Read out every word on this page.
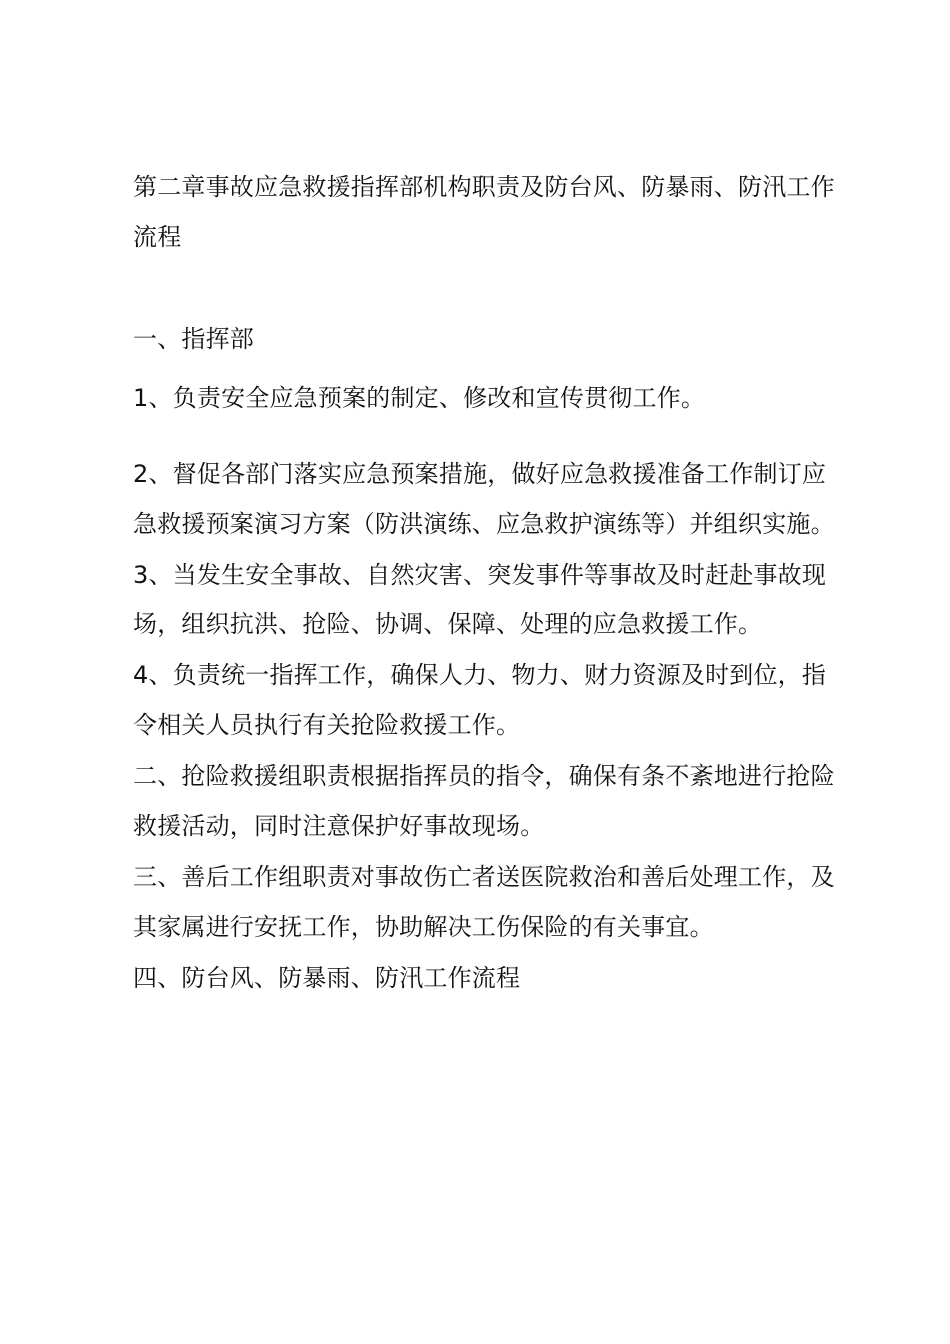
第二章事故应急救援指挥部机构职责及防台风、防暴雨、防汛工作

流程

一、指挥部

1、负责安全应急预案的制定、修改和宣传贯彻工作。

2、督促各部门落实应急预案措施，做好应急救援准备工作制订应

急救援预案演习方案（防洪演练、应急救护演练等）并组织实施。

3、当发生安全事故、自然灾害、突发事件等事故及时赶赴事故现

场，组织抗洪、抢险、协调、保障、处理的应急救援工作。

4、负责统一指挥工作，确保人力、物力、财力资源及时到位，指

令相关人员执行有关抢险救援工作。

二、抢险救援组职责根据指挥员的指令，确保有条不紊地进行抢险

救援活动，同时注意保护好事故现场。

三、善后工作组职责对事故伤亡者送医院救治和善后处理工作，及

其家属进行安抚工作，协助解决工伤保险的有关事宜。

四、防台风、防暴雨、防汛工作流程
